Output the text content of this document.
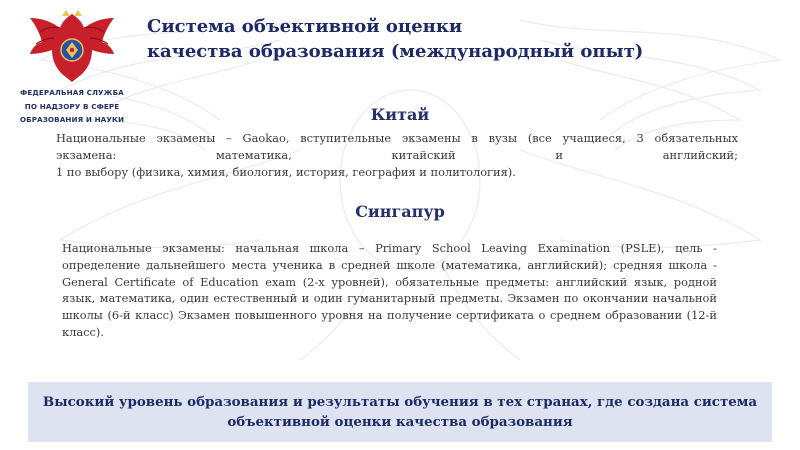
ФЕДЕРАЛЬНАЯ СЛУЖБА
ПО НАДЗОРУ В СФЕРЕ
ОБРАЗОВАНИЯ И НАУКИ
Система объективной оценки
качества образования (международный опыт)
Китай
Национальные экзамены – Gaokao, вступительные экзамены в вузы (все учащиеся, 3 обязательных
экзамена: математика, китайский и английский;
1 по выбору (физика, химия, биология, история, география и политология).
Сингапур
Национальные экзамены: начальная школа – Primary School Leaving Examination (PSLE), цель - определение дальнейшего места ученика в средней школе (математика, английский); средняя школа - General Certificate of Education exam (2-х уровней), обязательные предметы: английский язык, родной язык, математика, один естественный и один гуманитарный предметы. Экзамен по окончании начальной школы (6-й класс) Экзамен повышенного уровня на получение сертификата о среднем образовании (12-й класс).
Высокий уровень образования и результаты обучения в тех странах, где создана система
объективной оценки качества образования
